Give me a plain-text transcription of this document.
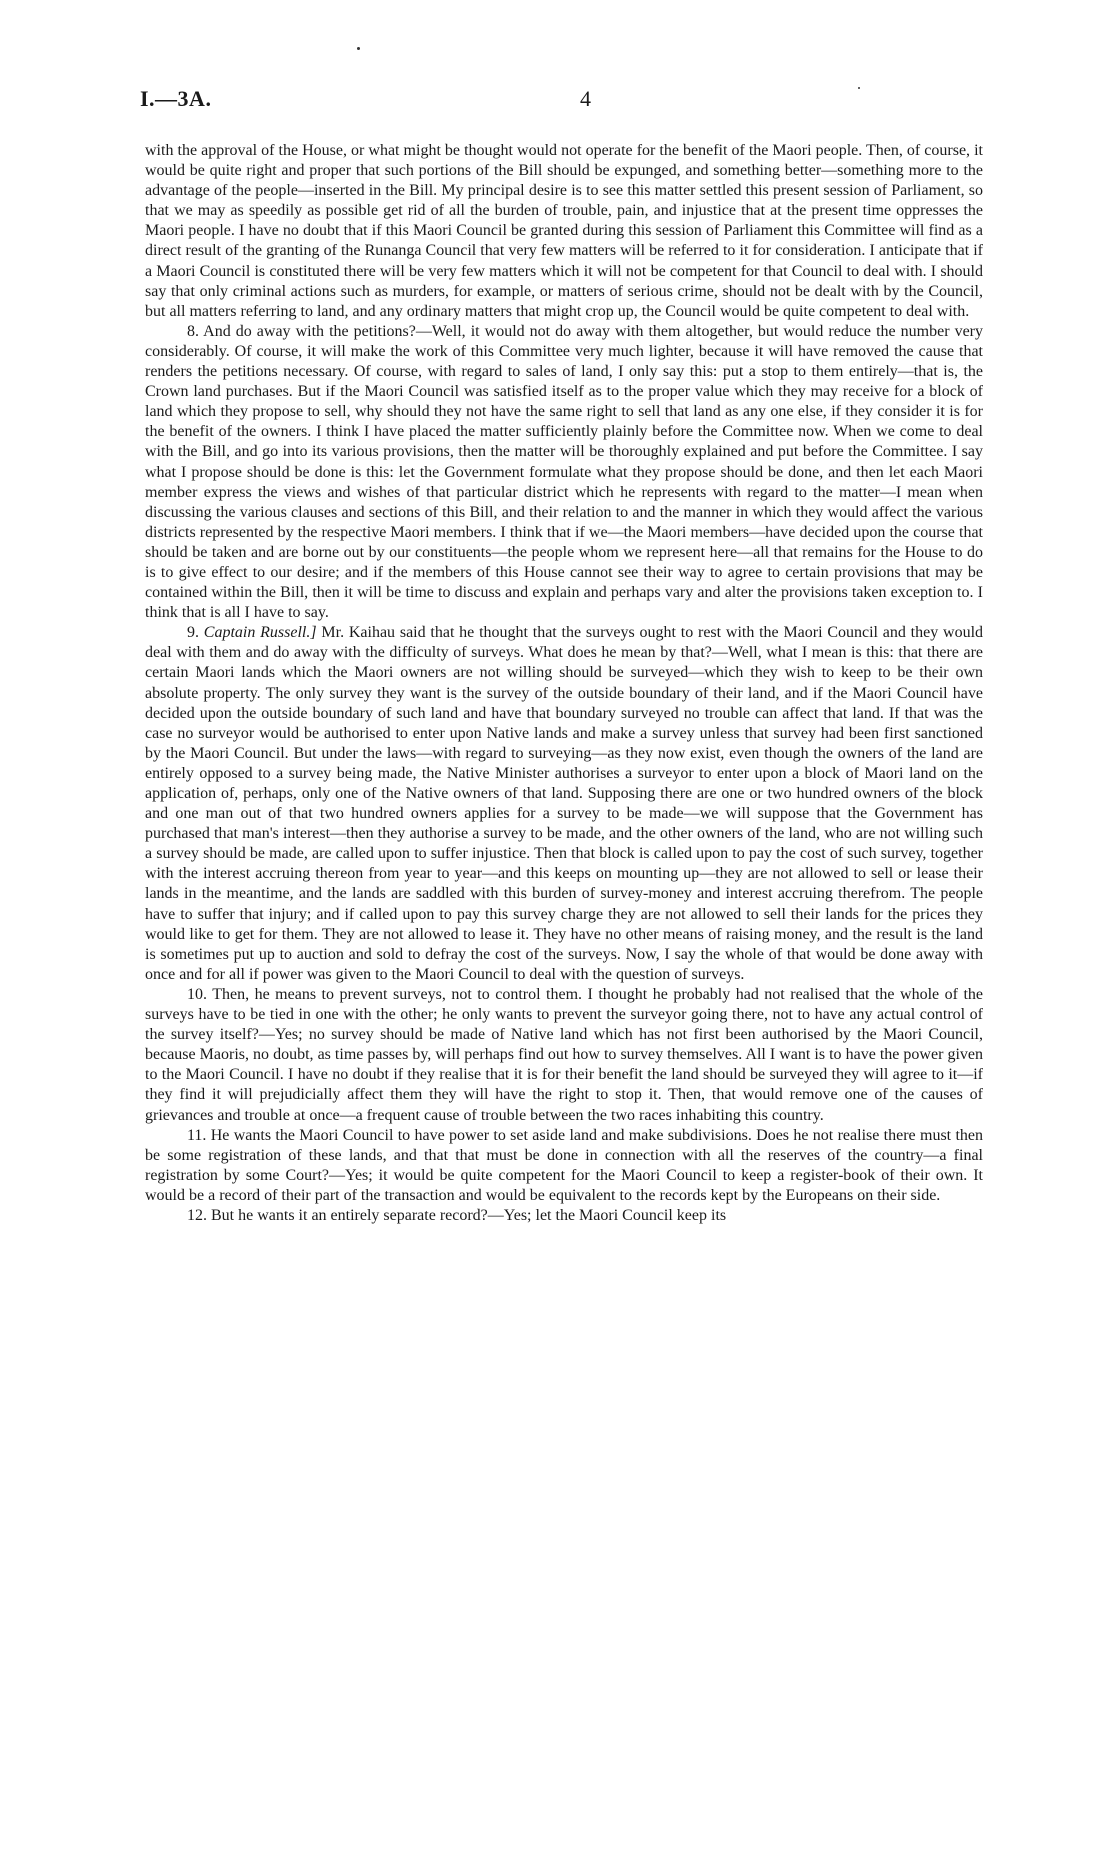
I.—3A.	4

with the approval of the House, or what might be thought would not operate for the benefit of the Maori people. Then, of course, it would be quite right and proper that such portions of the Bill should be expunged, and something better—something more to the advantage of the people—inserted in the Bill. My principal desire is to see this matter settled this present session of Parliament, so that we may as speedily as possible get rid of all the burden of trouble, pain, and injustice that at the present time oppresses the Maori people. I have no doubt that if this Maori Council be granted during this session of Parliament this Committee will find as a direct result of the granting of the Runanga Council that very few matters will be referred to it for consideration. I anticipate that if a Maori Council is constituted there will be very few matters which it will not be competent for that Council to deal with. I should say that only criminal actions such as murders, for example, or matters of serious crime, should not be dealt with by the Council, but all matters referring to land, and any ordinary matters that might crop up, the Council would be quite competent to deal with.

8. And do away with the petitions?—Well, it would not do away with them altogether, but would reduce the number very considerably. Of course, it will make the work of this Committee very much lighter, because it will have removed the cause that renders the petitions necessary. Of course, with regard to sales of land, I only say this: put a stop to them entirely—that is, the Crown land purchases. But if the Maori Council was satisfied itself as to the proper value which they may receive for a block of land which they propose to sell, why should they not have the same right to sell that land as any one else, if they consider it is for the benefit of the owners. I think I have placed the matter sufficiently plainly before the Committee now. When we come to deal with the Bill, and go into its various provisions, then the matter will be thoroughly explained and put before the Committee. I say what I propose should be done is this: let the Government formulate what they propose should be done, and then let each Maori member express the views and wishes of that particular district which he represents with regard to the matter—I mean when discussing the various clauses and sections of this Bill, and their relation to and the manner in which they would affect the various districts represented by the respective Maori members. I think that if we—the Maori members—have decided upon the course that should be taken and are borne out by our constituents—the people whom we represent here—all that remains for the House to do is to give effect to our desire; and if the members of this House cannot see their way to agree to certain provisions that may be contained within the Bill, then it will be time to discuss and explain and perhaps vary and alter the provisions taken exception to. I think that is all I have to say.

9. Captain Russell.] Mr. Kaihau said that he thought that the surveys ought to rest with the Maori Council and they would deal with them and do away with the difficulty of surveys. What does he mean by that?—Well, what I mean is this: that there are certain Maori lands which the Maori owners are not willing should be surveyed—which they wish to keep to be their own absolute property. The only survey they want is the survey of the outside boundary of their land, and if the Maori Council have decided upon the outside boundary of such land and have that boundary surveyed no trouble can affect that land. If that was the case no surveyor would be authorised to enter upon Native lands and make a survey unless that survey had been first sanctioned by the Maori Council. But under the laws—with regard to surveying—as they now exist, even though the owners of the land are entirely opposed to a survey being made, the Native Minister authorises a surveyor to enter upon a block of Maori land on the application of, perhaps, only one of the Native owners of that land. Supposing there are one or two hundred owners of the block and one man out of that two hundred owners applies for a survey to be made—we will suppose that the Government has purchased that man's interest—then they authorise a survey to be made, and the other owners of the land, who are not willing such a survey should be made, are called upon to suffer injustice. Then that block is called upon to pay the cost of such survey, together with the interest accruing thereon from year to year—and this keeps on mounting up—they are not allowed to sell or lease their lands in the meantime, and the lands are saddled with this burden of survey-money and interest accruing therefrom. The people have to suffer that injury; and if called upon to pay this survey charge they are not allowed to sell their lands for the prices they would like to get for them. They are not allowed to lease it. They have no other means of raising money, and the result is the land is sometimes put up to auction and sold to defray the cost of the surveys. Now, I say the whole of that would be done away with once and for all if power was given to the Maori Council to deal with the question of surveys.

10. Then, he means to prevent surveys, not to control them. I thought he probably had not realised that the whole of the surveys have to be tied in one with the other; he only wants to prevent the surveyor going there, not to have any actual control of the survey itself?—Yes; no survey should be made of Native land which has not first been authorised by the Maori Council, because Maoris, no doubt, as time passes by, will perhaps find out how to survey themselves. All I want is to have the power given to the Maori Council. I have no doubt if they realise that it is for their benefit the land should be surveyed they will agree to it—if they find it will prejudicially affect them they will have the right to stop it. Then, that would remove one of the causes of grievances and trouble at once—a frequent cause of trouble between the two races inhabiting this country.

11. He wants the Maori Council to have power to set aside land and make subdivisions. Does he not realise there must then be some registration of these lands, and that that must be done in connection with all the reserves of the country—a final registration by some Court?—Yes; it would be quite competent for the Maori Council to keep a register-book of their own. It would be a record of their part of the transaction and would be equivalent to the records kept by the Europeans on their side.

12. But he wants it an entirely separate record?—Yes; let the Maori Council keep its
